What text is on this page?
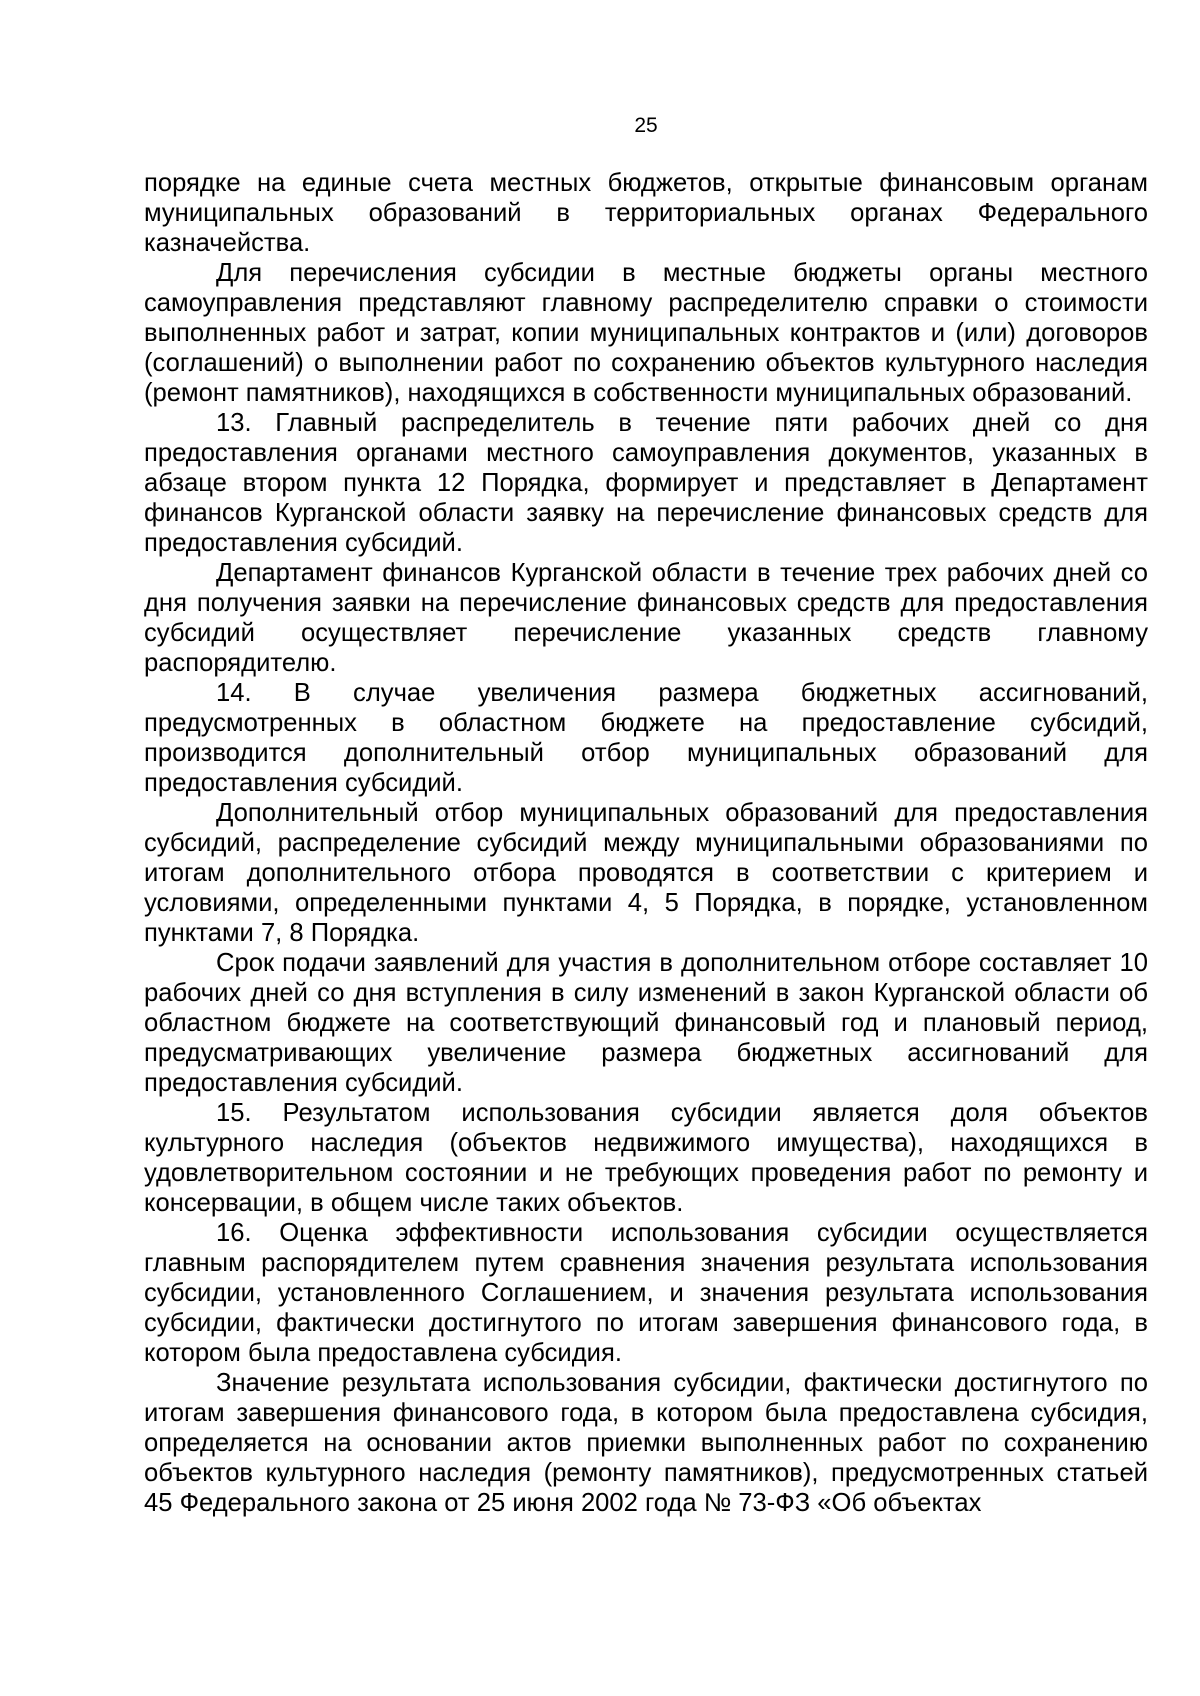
25

порядке на единые счета местных бюджетов, открытые финансовым органам муниципальных образований в территориальных органах Федерального казначейства.

Для перечисления субсидии в местные бюджеты органы местного самоуправления представляют главному распределителю справки о стоимости выполненных работ и затрат, копии муниципальных контрактов и (или) договоров (соглашений) о выполнении работ по сохранению объектов культурного наследия (ремонт памятников), находящихся в собственности муниципальных образований.

13. Главный распределитель в течение пяти рабочих дней со дня предоставления органами местного самоуправления документов, указанных в абзаце втором пункта 12 Порядка, формирует и представляет в Департамент финансов Курганской области заявку на перечисление финансовых средств для предоставления субсидий.

Департамент финансов Курганской области в течение трех рабочих дней со дня получения заявки на перечисление финансовых средств для предоставления субсидий осуществляет перечисление указанных средств главному распорядителю.

14. В случае увеличения размера бюджетных ассигнований, предусмотренных в областном бюджете на предоставление субсидий, производится дополнительный отбор муниципальных образований для предоставления субсидий.

Дополнительный отбор муниципальных образований для предоставления субсидий, распределение субсидий между муниципальными образованиями по итогам дополнительного отбора проводятся в соответствии с критерием и условиями, определенными пунктами 4, 5 Порядка, в порядке, установленном пунктами 7, 8 Порядка.

Срок подачи заявлений для участия в дополнительном отборе составляет 10 рабочих дней со дня вступления в силу изменений в закон Курганской области об областном бюджете на соответствующий финансовый год и плановый период, предусматривающих увеличение размера бюджетных ассигнований для предоставления субсидий.

15. Результатом использования субсидии является доля объектов культурного наследия (объектов недвижимого имущества), находящихся в удовлетворительном состоянии и не требующих проведения работ по ремонту и консервации, в общем числе таких объектов.

16. Оценка эффективности использования субсидии осуществляется главным распорядителем путем сравнения значения результата использования субсидии, установленного Соглашением, и значения результата использования субсидии, фактически достигнутого по итогам завершения финансового года, в котором была предоставлена субсидия.

Значение результата использования субсидии, фактически достигнутого по итогам завершения финансового года, в котором была предоставлена субсидия, определяется на основании актов приемки выполненных работ по сохранению объектов культурного наследия (ремонту памятников), предусмотренных статьей 45 Федерального закона от 25 июня 2002 года № 73-ФЗ «Об объектах
